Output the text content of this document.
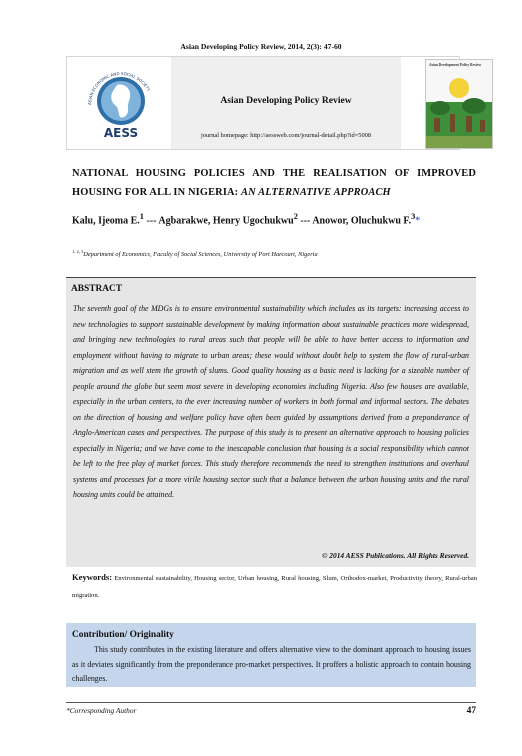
Asian Developing Policy Review, 2014, 2(3): 47-60
ASIAN ECONOMIC AND SOCIAL SOCIETY
AESS
Asian Developing Policy Review
journal homepage: http://aessweb.com/journal-detail.php?id=5008
Asian Development Policy Review
NATIONAL HOUSING POLICIES AND THE REALISATION OF IMPROVED HOUSING FOR ALL IN NIGERIA: AN ALTERNATIVE APPROACH
Kalu, Ijeoma E.$^1$ --- Agbarakwe, Henry Ugochukwu$^2$ --- Anowor, Oluchukwu F.$^3$*
$^{1, 2, 3}$Department of Economics, Faculty of Social Sciences, University of Port Harcourt, Nigeria
ABSTRACT
The seventh goal of the MDGs is to ensure environmental sustainability which includes as its targets: increasing access to new technologies to support sustainable development by making information about sustainable practices more widespread, and bringing new technologies to rural areas such that people will be able to have better access to information and employment without having to migrate to urban areas; these would without doubt help to system the flow of rural-urban migration and as well stem the growth of slums. Good quality housing as a basic need is lacking for a sizeable number of people around the globe but seem most severe in developing economies including Nigeria. Also few houses are available, especially in the urban centers, to the ever increasing number of workers in both formal and informal sectors. The debates on the direction of housing and welfare policy have often been guided by assumptions derived from a preponderance of Anglo-American cases and perspectives. The purpose of this study is to present an alternative approach to housing policies especially in Nigeria; and we have come to the inescapable conclusion that housing is a social responsibility which cannot be left to the free play of market forces. This study therefore recommends the need to strengthen institutions and overhaul systems and processes for a more virile housing sector such that a balance between the urban housing units and the rural housing units could be attained.
© 2014 AESS Publications. All Rights Reserved.
Keywords: Environmental sustainability, Housing sector, Urban housing, Rural housing, Slum, Orthodox-market, Productivity theory, Rural-urban migration.
Contribution/ Originality
This study contributes in the existing literature and offers alternative view to the dominant approach to housing issues as it deviates significantly from the preponderance pro-market perspectives. It proffers a holistic approach to contain housing challenges.
*Corresponding Author	47
